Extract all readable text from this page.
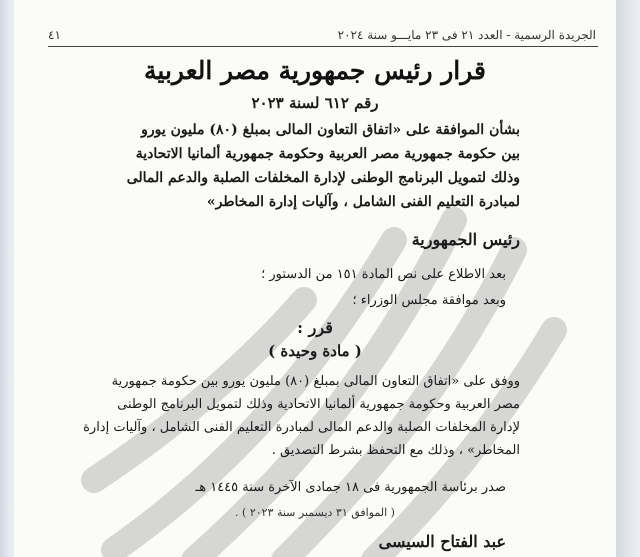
الجريدة الرسمية - العدد ٢١ فى ٢٣ مايـــو سنة ٢٠٢٤
٤١
قرار رئيس جمهورية مصر العربية
رقم ٦١٢ لسنة ٢٠٢٣

بشأن الموافقة على «اتفاق التعاون المالى بمبلغ (٨٠) مليون يورو

بين حكومة جمهورية مصر العربية وحكومة جمهورية ألمانيا الاتحادية

وذلك لتمويل البرنامج الوطنى لإدارة المخلفات الصلبة والدعم المالى

لمبادرة التعليم الفنى الشامل ، وآليات إدارة المخاطر»

رئيس الجمهورية

بعد الاطلاع على نص المادة ١٥١ من الدستور ؛

وبعد موافقة مجلس الوزراء ؛

قرر :
( مادة وحيدة )

ووفق على «اتفاق التعاون المالى بمبلغ (٨٠) مليون يورو بين حكومة جمهورية

مصر العربية وحكومة جمهورية ألمانيا الاتحادية وذلك لتمويل البرنامج الوطنى

لإدارة المخلفات الصلبة والدعم المالى لمبادرة التعليم الفنى الشامل ، وآليات إدارة

المخاطر» ، وذلك مع التحفظ بشرط التصديق .

صدر برئاسة الجمهورية فى ١٨ جمادى الآخرة سنة ١٤٤٥ هـ
( الموافق ٣١ ديسمبر سنة ٢٠٢٣ ) .
عبد الفتاح السيسى
